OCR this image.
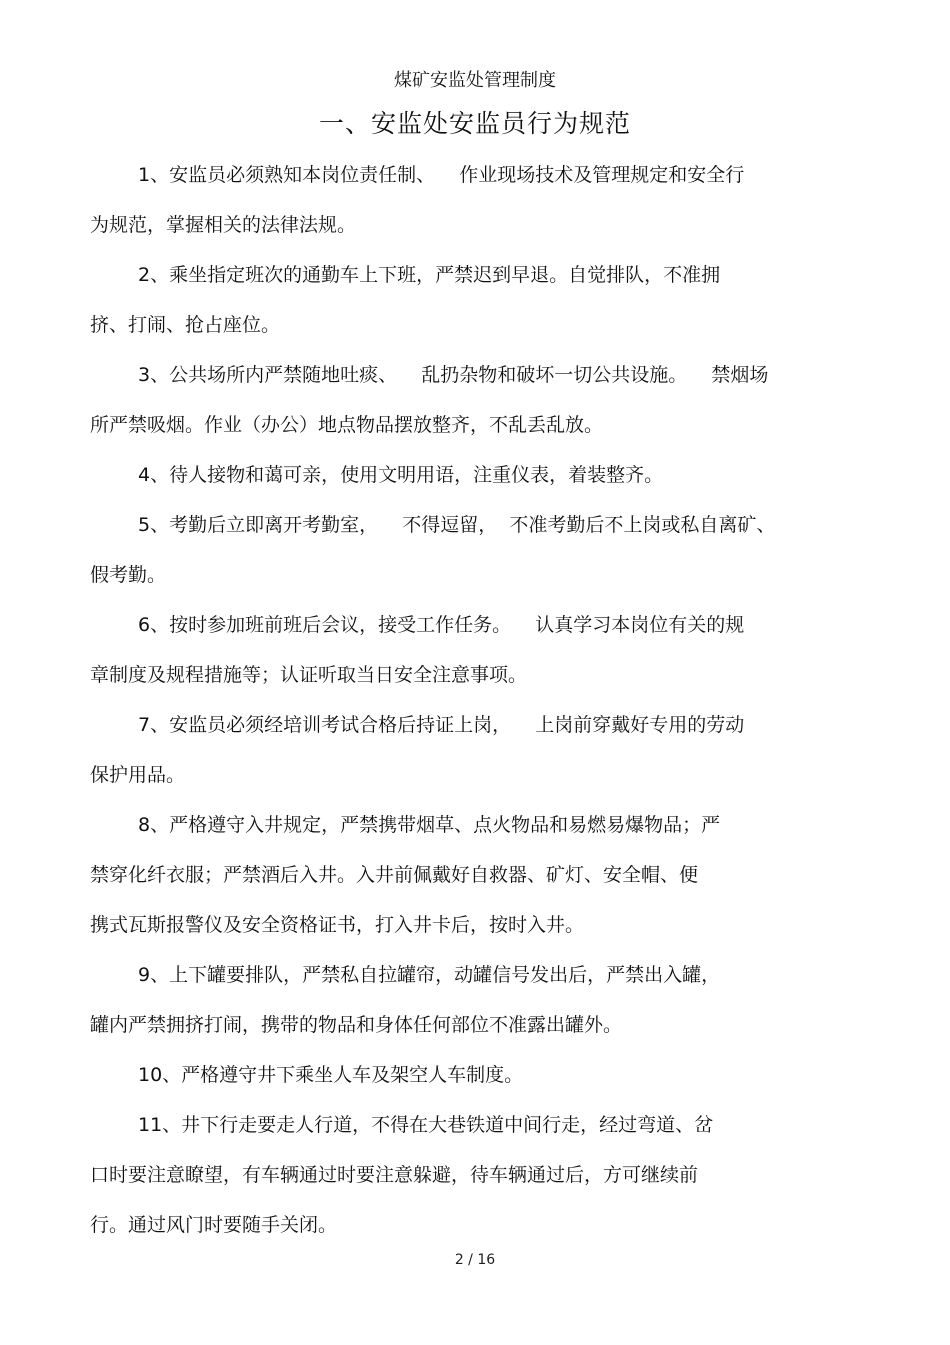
煤矿安监处管理制度
一、安监处安监员行为规范
1、安监员必须熟知本岗位责任制、    作业现场技术及管理规定和安全行
为规范，掌握相关的法律法规。
2、乘坐指定班次的通勤车上下班，严禁迟到早退。自觉排队，不准拥
挤、打闹、抢占座位。
3、公共场所内严禁随地吐痰、    乱扔杂物和破坏一切公共设施。    禁烟场
所严禁吸烟。作业（办公）地点物品摆放整齐，不乱丢乱放。
4、待人接物和蔼可亲，使用文明用语，注重仪表，着装整齐。
5、考勤后立即离开考勤室，    不得逗留，  不准考勤后不上岗或私自离矿、
假考勤。
6、按时参加班前班后会议，接受工作任务。    认真学习本岗位有关的规
章制度及规程措施等；认证听取当日安全注意事项。
7、安监员必须经培训考试合格后持证上岗，    上岗前穿戴好专用的劳动
保护用品。
8、严格遵守入井规定，严禁携带烟草、点火物品和易燃易爆物品；严
禁穿化纤衣服；严禁酒后入井。入井前佩戴好自救器、矿灯、安全帽、便
携式瓦斯报警仪及安全资格证书，打入井卡后，按时入井。
9、上下罐要排队，严禁私自拉罐帘，动罐信号发出后，严禁出入罐，
罐内严禁拥挤打闹，携带的物品和身体任何部位不准露出罐外。
10、严格遵守井下乘坐人车及架空人车制度。
11、井下行走要走人行道，不得在大巷铁道中间行走，经过弯道、岔
口时要注意瞭望，有车辆通过时要注意躲避，待车辆通过后，方可继续前
行。通过风门时要随手关闭。
2 / 16
